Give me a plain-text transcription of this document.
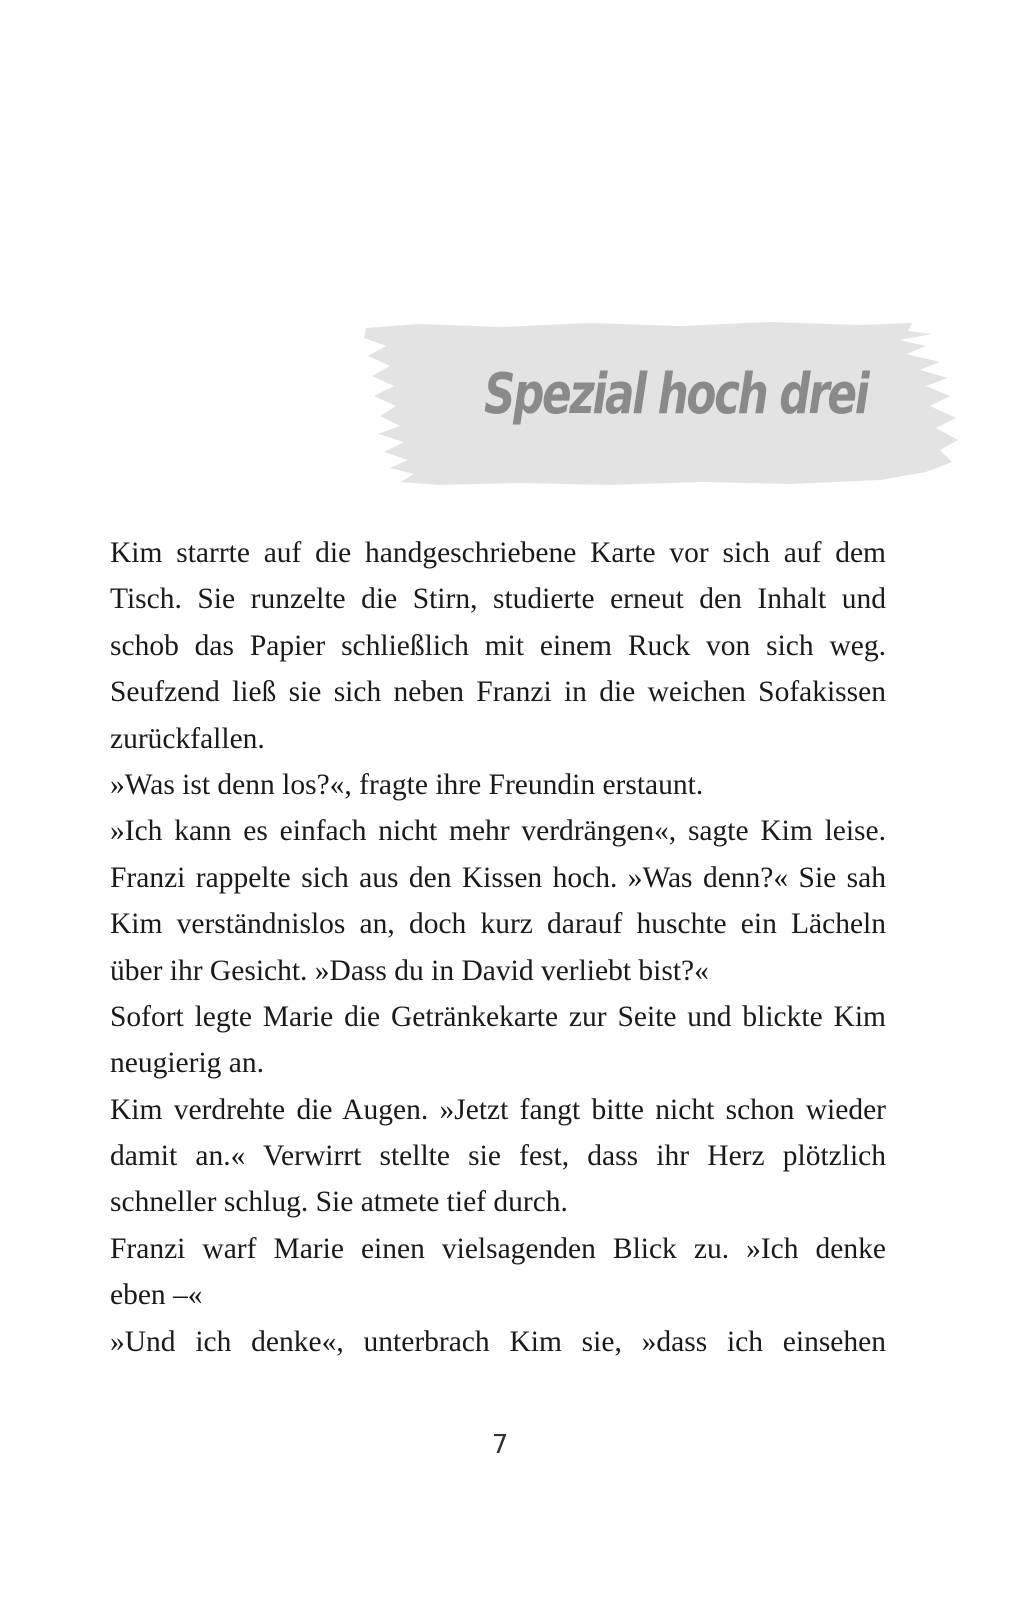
Spezial hoch drei
Kim starrte auf die handgeschriebene Karte vor sich auf dem
Tisch. Sie runzelte die Stirn, studierte erneut den Inhalt und
schob das Papier schließlich mit einem Ruck von sich weg.
Seufzend ließ sie sich neben Franzi in die weichen Sofakissen
zurückfallen.
»Was ist denn los?«, fragte ihre Freundin erstaunt.
»Ich kann es einfach nicht mehr verdrängen«, sagte Kim leise.
Franzi rappelte sich aus den Kissen hoch. »Was denn?« Sie sah
Kim verständnislos an, doch kurz darauf huschte ein Lächeln
über ihr Gesicht. »Dass du in David verliebt bist?«
Sofort legte Marie die Getränkekarte zur Seite und blickte Kim
neugierig an.
Kim verdrehte die Augen. »Jetzt fangt bitte nicht schon wieder
damit an.« Verwirrt stellte sie fest, dass ihr Herz plötzlich
schneller schlug. Sie atmete tief durch.
Franzi warf Marie einen vielsagenden Blick zu. »Ich denke
eben –«
»Und ich denke«, unterbrach Kim sie, »dass ich einsehen
7
